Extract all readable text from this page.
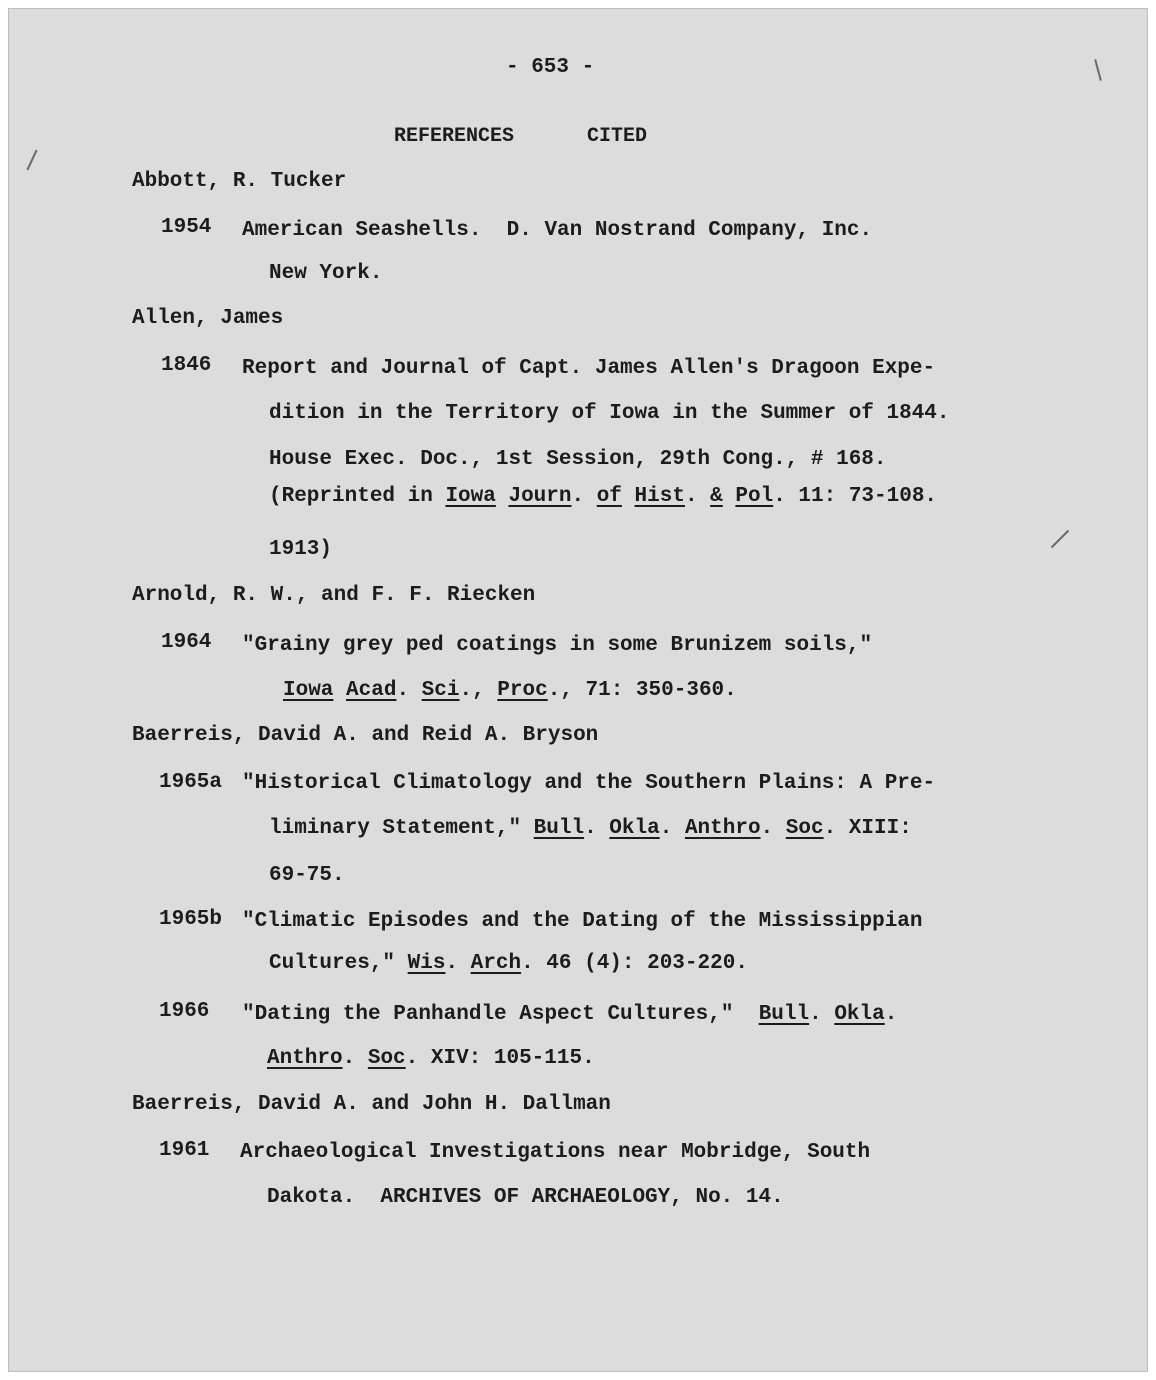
- 653 -
REFERENCES	CITED
Abbott, R. Tucker
1954 American Seashells.  D. Van Nostrand Company, Inc.
New York.
Allen, James
1846 Report and Journal of Capt. James Allen's Dragoon Expe-
dition in the Territory of Iowa in the Summer of 1844.
House Exec. Doc., 1st Session, 29th Cong., # 168.
(Reprinted in Iowa Journ. of Hist. & Pol. 11: 73-108.
1913)
Arnold, R. W., and F. F. Riecken
1964 "Grainy grey ped coatings in some Brunizem soils,"
Iowa Acad. Sci., Proc., 71: 350-360.
Baerreis, David A. and Reid A. Bryson
1965a "Historical Climatology and the Southern Plains: A Pre-
liminary Statement," Bull. Okla. Anthro. Soc. XIII:
69-75.
1965b "Climatic Episodes and the Dating of the Mississippian
Cultures," Wis. Arch. 46 (4): 203-220.
1966 "Dating the Panhandle Aspect Cultures,"  Bull. Okla.
Anthro. Soc. XIV: 105-115.
Baerreis, David A. and John H. Dallman
1961 Archaeological Investigations near Mobridge, South
Dakota.  ARCHIVES OF ARCHAEOLOGY, No. 14.
